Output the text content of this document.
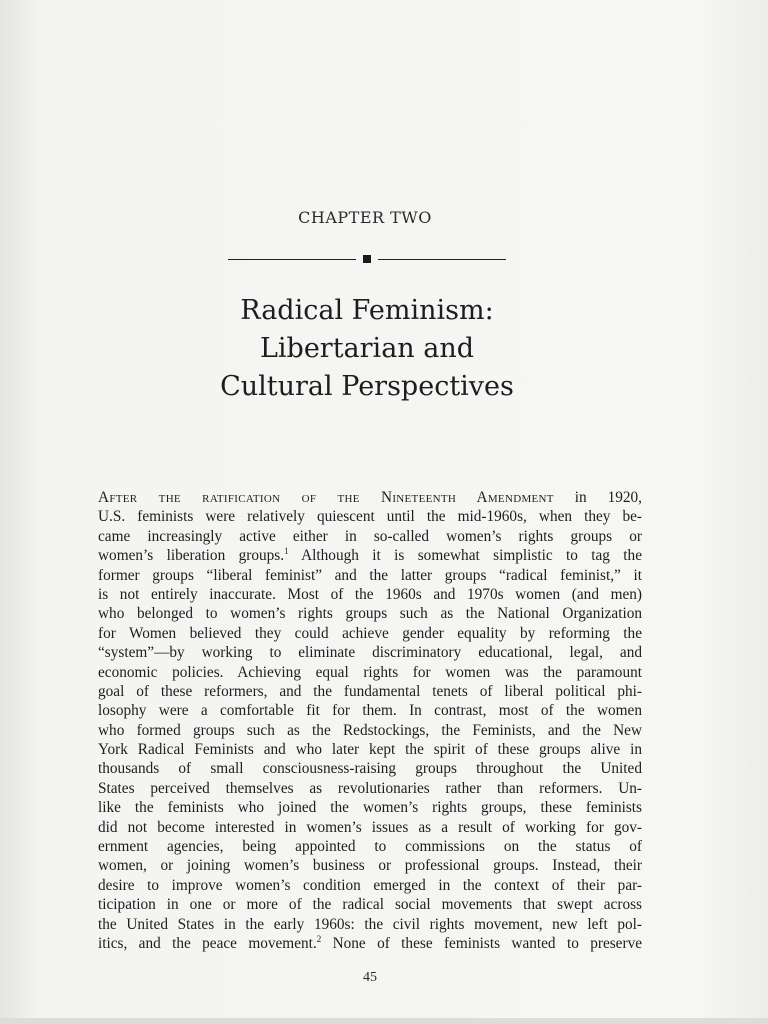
CHAPTER TWO
Radical Feminism:
Libertarian and
Cultural Perspectives
After the ratification of the Nineteenth Amendment in 1920,
U.S. feminists were relatively quiescent until the mid-1960s, when they be-
came increasingly active either in so-called women’s rights groups or
women’s liberation groups.$^1$ Although it is somewhat simplistic to tag the
former groups “liberal feminist” and the latter groups “radical feminist,” it
is not entirely inaccurate. Most of the 1960s and 1970s women (and men)
who belonged to women’s rights groups such as the National Organization
for Women believed they could achieve gender equality by reforming the
“system”—by working to eliminate discriminatory educational, legal, and
economic policies. Achieving equal rights for women was the paramount
goal of these reformers, and the fundamental tenets of liberal political phi-
losophy were a comfortable fit for them. In contrast, most of the women
who formed groups such as the Redstockings, the Feminists, and the New
York Radical Feminists and who later kept the spirit of these groups alive in
thousands of small consciousness-raising groups throughout the United
States perceived themselves as revolutionaries rather than reformers. Un-
like the feminists who joined the women’s rights groups, these feminists
did not become interested in women’s issues as a result of working for gov-
ernment agencies, being appointed to commissions on the status of
women, or joining women’s business or professional groups. Instead, their
desire to improve women’s condition emerged in the context of their par-
ticipation in one or more of the radical social movements that swept across
the United States in the early 1960s: the civil rights movement, new left pol-
itics, and the peace movement.$^2$ None of these feminists wanted to preserve
45
